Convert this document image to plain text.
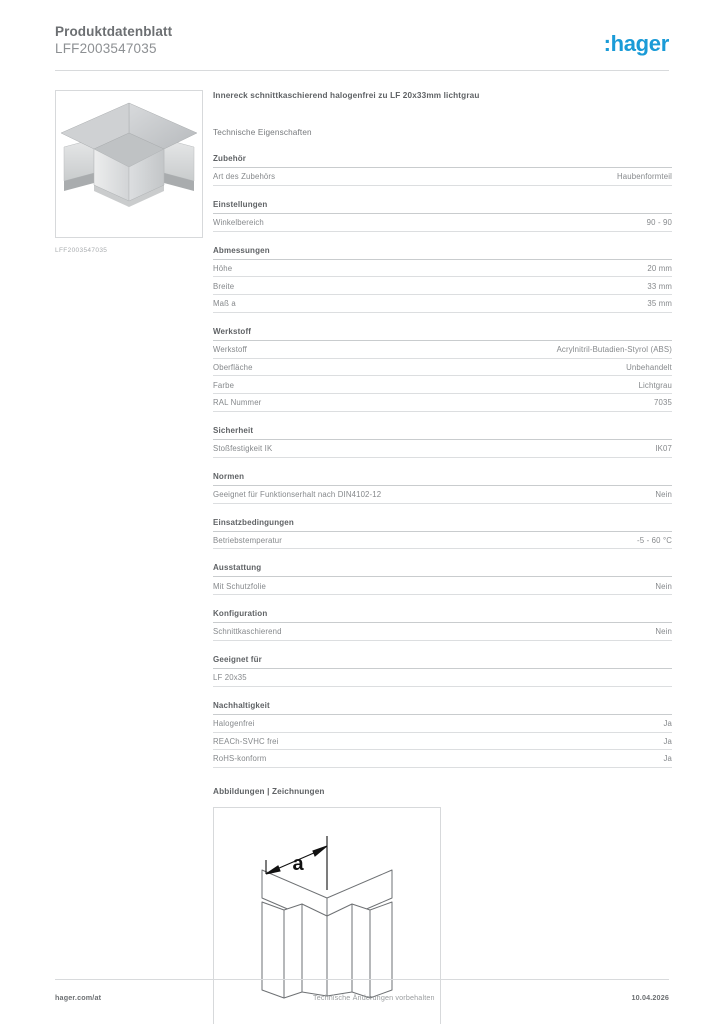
Produktdatenblatt
LFF2003547035	:hager
LFF2003547035
Innereck schnittkaschierend halogenfrei zu LF 20x33mm lichtgrau
Technische Eigenschaften
Zubehör
Art des Zubehörs	Haubenformteil
Einstellungen
Winkelbereich	90 - 90
Abmessungen
Höhe	20 mm
Breite	33 mm
Maß a	35 mm
Werkstoff
Werkstoff	Acrylnitril-Butadien-Styrol (ABS)
Oberfläche	Unbehandelt
Farbe	Lichtgrau
RAL Nummer	7035
Sicherheit
Stoßfestigkeit IK	IK07
Normen
Geeignet für Funktionserhalt nach DIN4102-12	Nein
Einsatzbedingungen
Betriebstemperatur	-5 - 60 °C
Ausstattung
Mit Schutzfolie	Nein
Konfiguration
Schnittkaschierend	Nein
Geeignet für
LF 20x35
Nachhaltigkeit
Halogenfrei	Ja
REACh-SVHC frei	Ja
RoHS-konform	Ja
Abbildungen | Zeichnungen
a
hager.com/at	Technische Änderungen vorbehalten	10.04.2026
